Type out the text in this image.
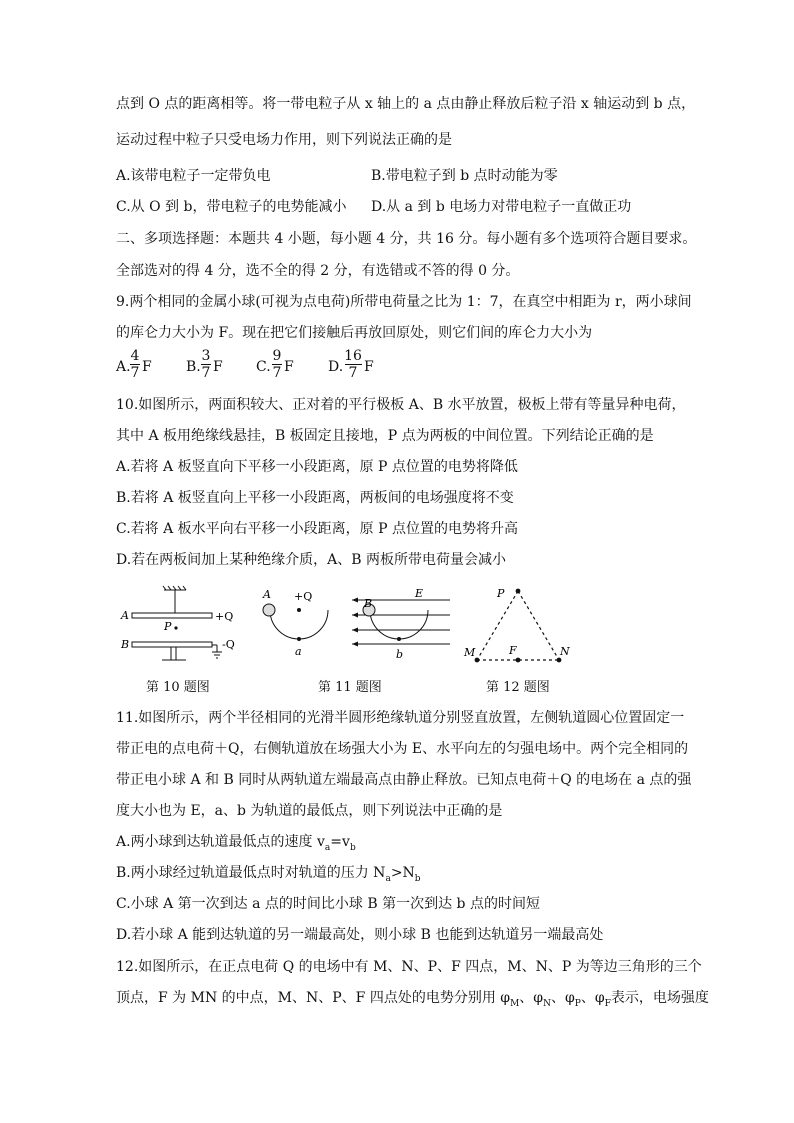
点到 O 点的距离相等。将一带电粒子从 x 轴上的 a 点由静止释放后粒子沿 x 轴运动到 b 点，
运动过程中粒子只受电场力作用，则下列说法正确的是
A.该带电粒子一定带负电	B.带电粒子到 b 点时动能为零
C.从 O 到 b，带电粒子的电势能减小 D.从 a 到 b 电场力对带电粒子一直做正功
二、多项选择题：本题共 4 小题，每小题 4 分，共 16 分。每小题有多个选项符合题目要求。
全部选对的得 4 分，选不全的得 2 分，有选错或不答的得 0 分。
9.两个相同的金属小球(可视为点电荷)所带电荷量之比为 1：7，在真空中相距为 r，两小球间
的库仑力大小为 F。现在把它们接触后再放回原处，则它们间的库仑力大小为
A.
4
7 F B.
3
7 F C.
9
7 F D.
16
7 F
10.如图所示，两面积较大、正对着的平行极板 A、B 水平放置，极板上带有等量异种电荷，
其中 A 板用绝缘线悬挂，B 板固定且接地，P 点为两板的中间位置。下列结论正确的是
A.若将 A 板竖直向下平移一小段距离，原 P 点位置的电势将降低
B.若将 A 板竖直向上平移一小段距离，两板间的电场强度将不变
C.若将 A 板水平向右平移一小段距离，原 P 点位置的电势将升高
D.若在两板间加上某种绝缘介质，A、B 两板所带电荷量会减小
A
B
P
+Q
-Q
A +Q
a
B
E
b
P
M	F	N
第 10 题图	第 11 题图	第 12 题图
11.如图所示，两个半径相同的光滑半圆形绝缘轨道分别竖直放置，左侧轨道圆心位置固定一
带正电的点电荷＋Q，右侧轨道放在场强大小为 E、水平向左的匀强电场中。两个完全相同的
带正电小球 A 和 B 同时从两轨道左端最高点由静止释放。已知点电荷＋Q 的电场在 a 点的强
度大小也为 E，a、b 为轨道的最低点，则下列说法中正确的是
A.两小球到达轨道最低点的速度 $v_a=v_b$
B.两小球经过轨道最低点时对轨道的压力 $N_a>N_b$
C.小球 A 第一次到达 a 点的时间比小球 B 第一次到达 b 点的时间短
D.若小球 A 能到达轨道的另一端最高处，则小球 B 也能到达轨道另一端最高处
12.如图所示，在正点电荷 Q 的电场中有 M、N、P、F 四点，M、N、P 为等边三角形的三个
顶点，F 为 MN 的中点，M、N、P、F 四点处的电势分别用 $\varphi_M$、$\varphi_N$、$\varphi_P$、$\varphi_F$表示，电场强度
